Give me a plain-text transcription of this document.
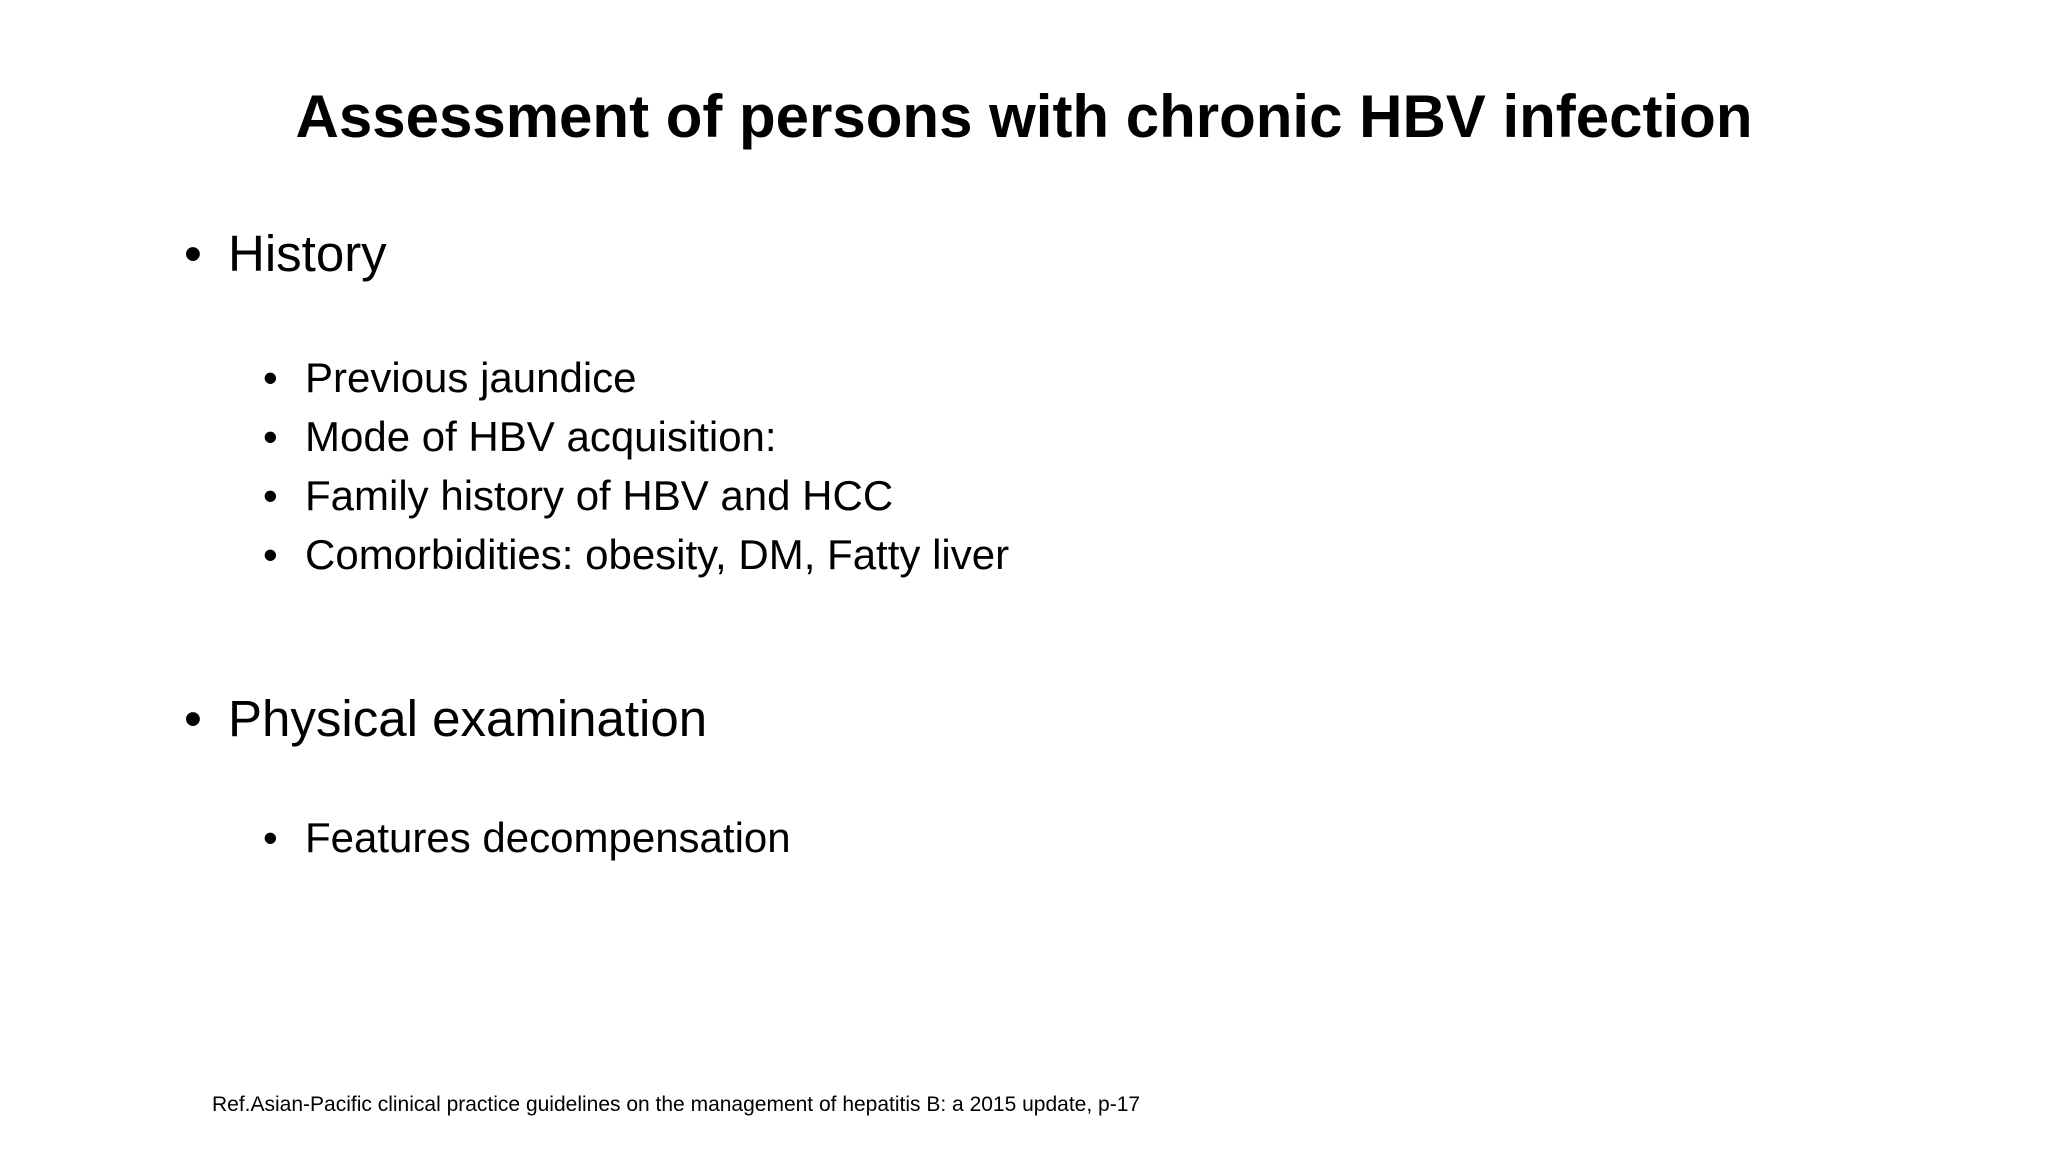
Assessment of persons with chronic HBV infection
• History
• Previous jaundice
• Mode of HBV acquisition:
• Family history of HBV and HCC
• Comorbidities: obesity, DM, Fatty liver
• Physical examination
• Features decompensation
Ref.Asian-Pacific clinical practice guidelines on the management of hepatitis B: a 2015 update, p-17
